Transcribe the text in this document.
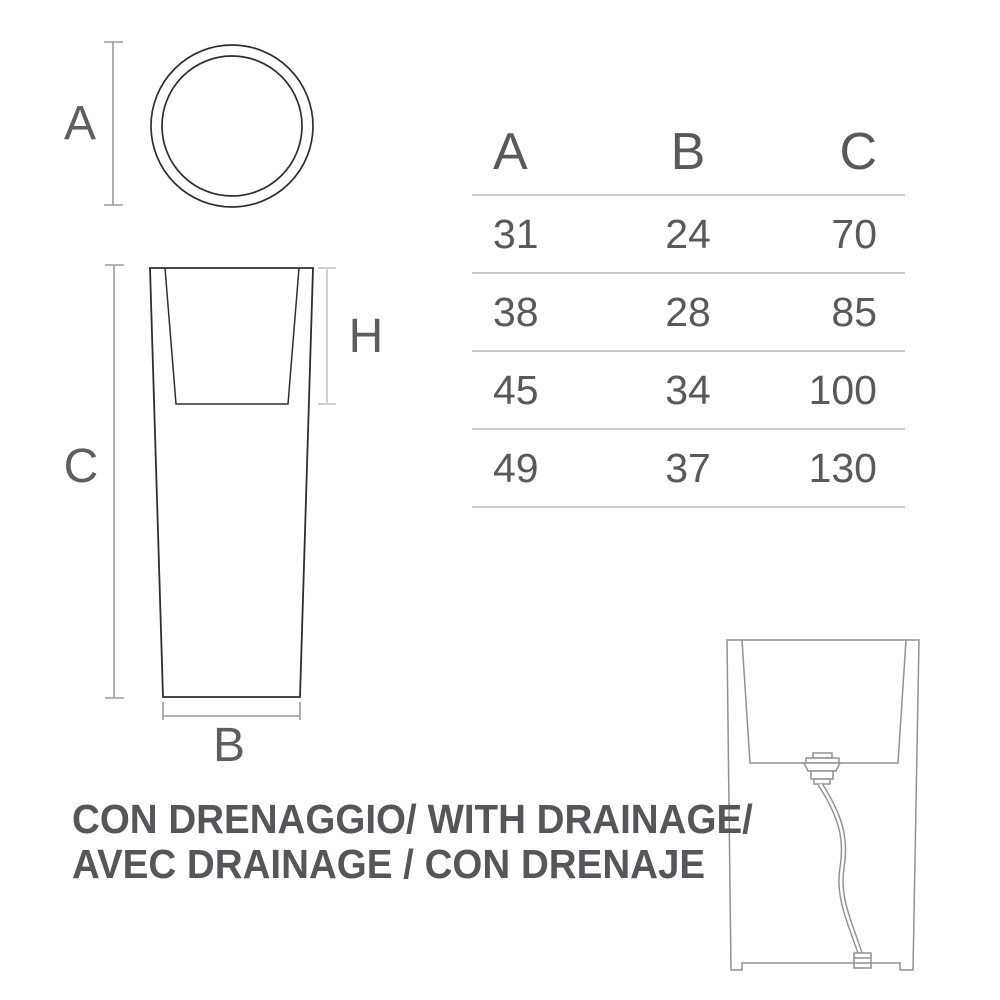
A
C
H
B
A	B	C
31	24	70
38	28	85
45	34	100
49	37	130
CON DRENAGGIO/ WITH DRAINAGE/
AVEC DRAINAGE / CON DRENAJE
